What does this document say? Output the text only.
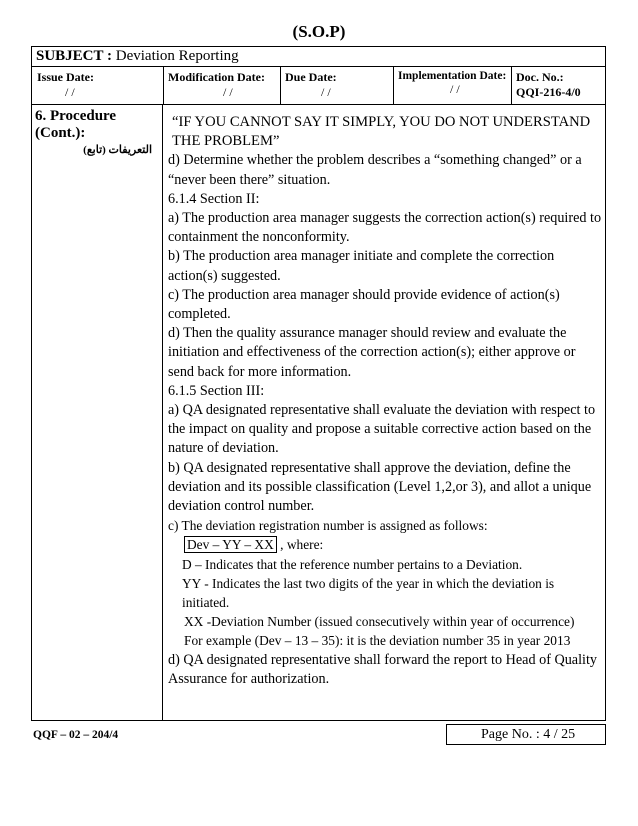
(S.O.P)
SUBJECT : Deviation Reporting
Issue Date:
/ /
Modification Date:
/ /
Due Date:
/ /
Implementation Date:
/ /
Doc. No.:
QQI-216-4/0
6. Procedure (Cont.):
التعريفات (تابع)

“IF YOU CANNOT SAY IT SIMPLY, YOU DO NOT UNDERSTAND THE PROBLEM”

d) Determine whether the problem describes a “something changed” or a “never been there” situation.

6.1.4 Section II:

a) The production area manager suggests the correction action(s) required to containment the nonconformity.

b) The production area manager initiate and complete the correction action(s) suggested.

c) The production area manager should provide evidence of action(s) completed.

d) Then the quality assurance manager should review and evaluate the initiation and effectiveness of the correction action(s); either approve or send back for more information.

6.1.5 Section III:

a) QA designated representative shall evaluate the deviation with respect to the impact on quality and propose a suitable corrective action based on the nature of deviation.

b) QA designated representative shall approve the deviation, define the deviation and its possible classification (Level 1,2,or 3), and allot a unique deviation control number.

c) The deviation registration number is assigned as follows:

Dev – YY – XX , where:

D – Indicates that the reference number pertains to a Deviation.

YY - Indicates the last two digits of the year in which the deviation is initiated.

XX -Deviation Number (issued consecutively within year of occurrence)

For example (Dev – 13 – 35): it is the deviation number 35 in year 2013

d) QA designated representative shall forward the report to Head of Quality Assurance for authorization.

QQF – 02 – 204/4	Page No. : 4 / 25
